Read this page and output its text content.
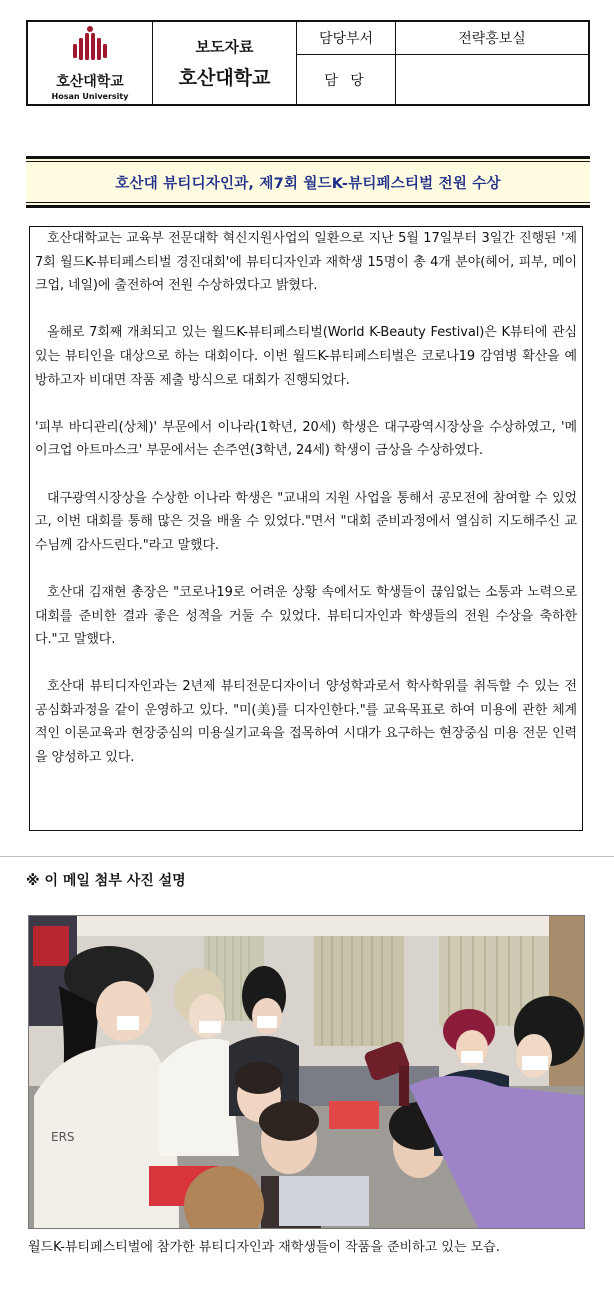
호산대학교
Hosan University
보도자료
호산대학교
담당부서	전략홍보실
담 당
호산대 뷰티디자인과, 제7회 월드K-뷰티페스티벌 전원 수상

호산대학교는 교육부 전문대학 혁신지원사업의 일환으로 지난 5월 17일부터 3일간 진행된 '제7회 월드K-뷰티페스티벌 경진대회'에 뷰티디자인과 재학생 15명이 총 4개 분야(헤어, 피부, 메이크업, 네일)에 출전하여 전원 수상하였다고 밝혔다.

올해로 7회째 개최되고 있는 월드K-뷰티페스티벌(World K-Beauty Festival)은 K뷰티에 관심 있는 뷰티인을 대상으로 하는 대회이다. 이번 월드K-뷰티페스티벌은 코로나19 감염병 확산을 예방하고자 비대면 작품 제출 방식으로 대회가 진행되었다.

'피부 바디관리(상체)' 부문에서 이나라(1학년, 20세) 학생은 대구광역시장상을 수상하였고, '메이크업 아트마스크' 부문에서는 손주연(3학년, 24세) 학생이 금상을 수상하였다.

대구광역시장상을 수상한 이나라 학생은 "교내의 지원 사업을 통해서 공모전에 참여할 수 있었고, 이번 대회를 통해 많은 것을 배울 수 있었다."면서 "대회 준비과정에서 열심히 지도해주신 교수님께 감사드린다."라고 말했다.

호산대 김재현 총장은 "코로나19로 어려운 상황 속에서도 학생들이 끊임없는 소통과 노력으로 대회를 준비한 결과 좋은 성적을 거둘 수 있었다. 뷰티디자인과 학생들의 전원 수상을 축하한다."고 말했다.

호산대 뷰티디자인과는 2년제 뷰티전문디자이너 양성학과로서 학사학위를 취득할 수 있는 전공심화과정을 같이 운영하고 있다. "미(美)를 디자인한다."를 교육목표로 하여 미용에 관한 체계적인 이론교육과 현장중심의 미용실기교육을 접목하여 시대가 요구하는 현장중심 미용 전문 인력을 양성하고 있다.

※ 이 메일 첨부 사진 설명
ERS
월드K-뷰티페스티벌에 참가한 뷰티디자인과 재학생들이 작품을 준비하고 있는 모습.
